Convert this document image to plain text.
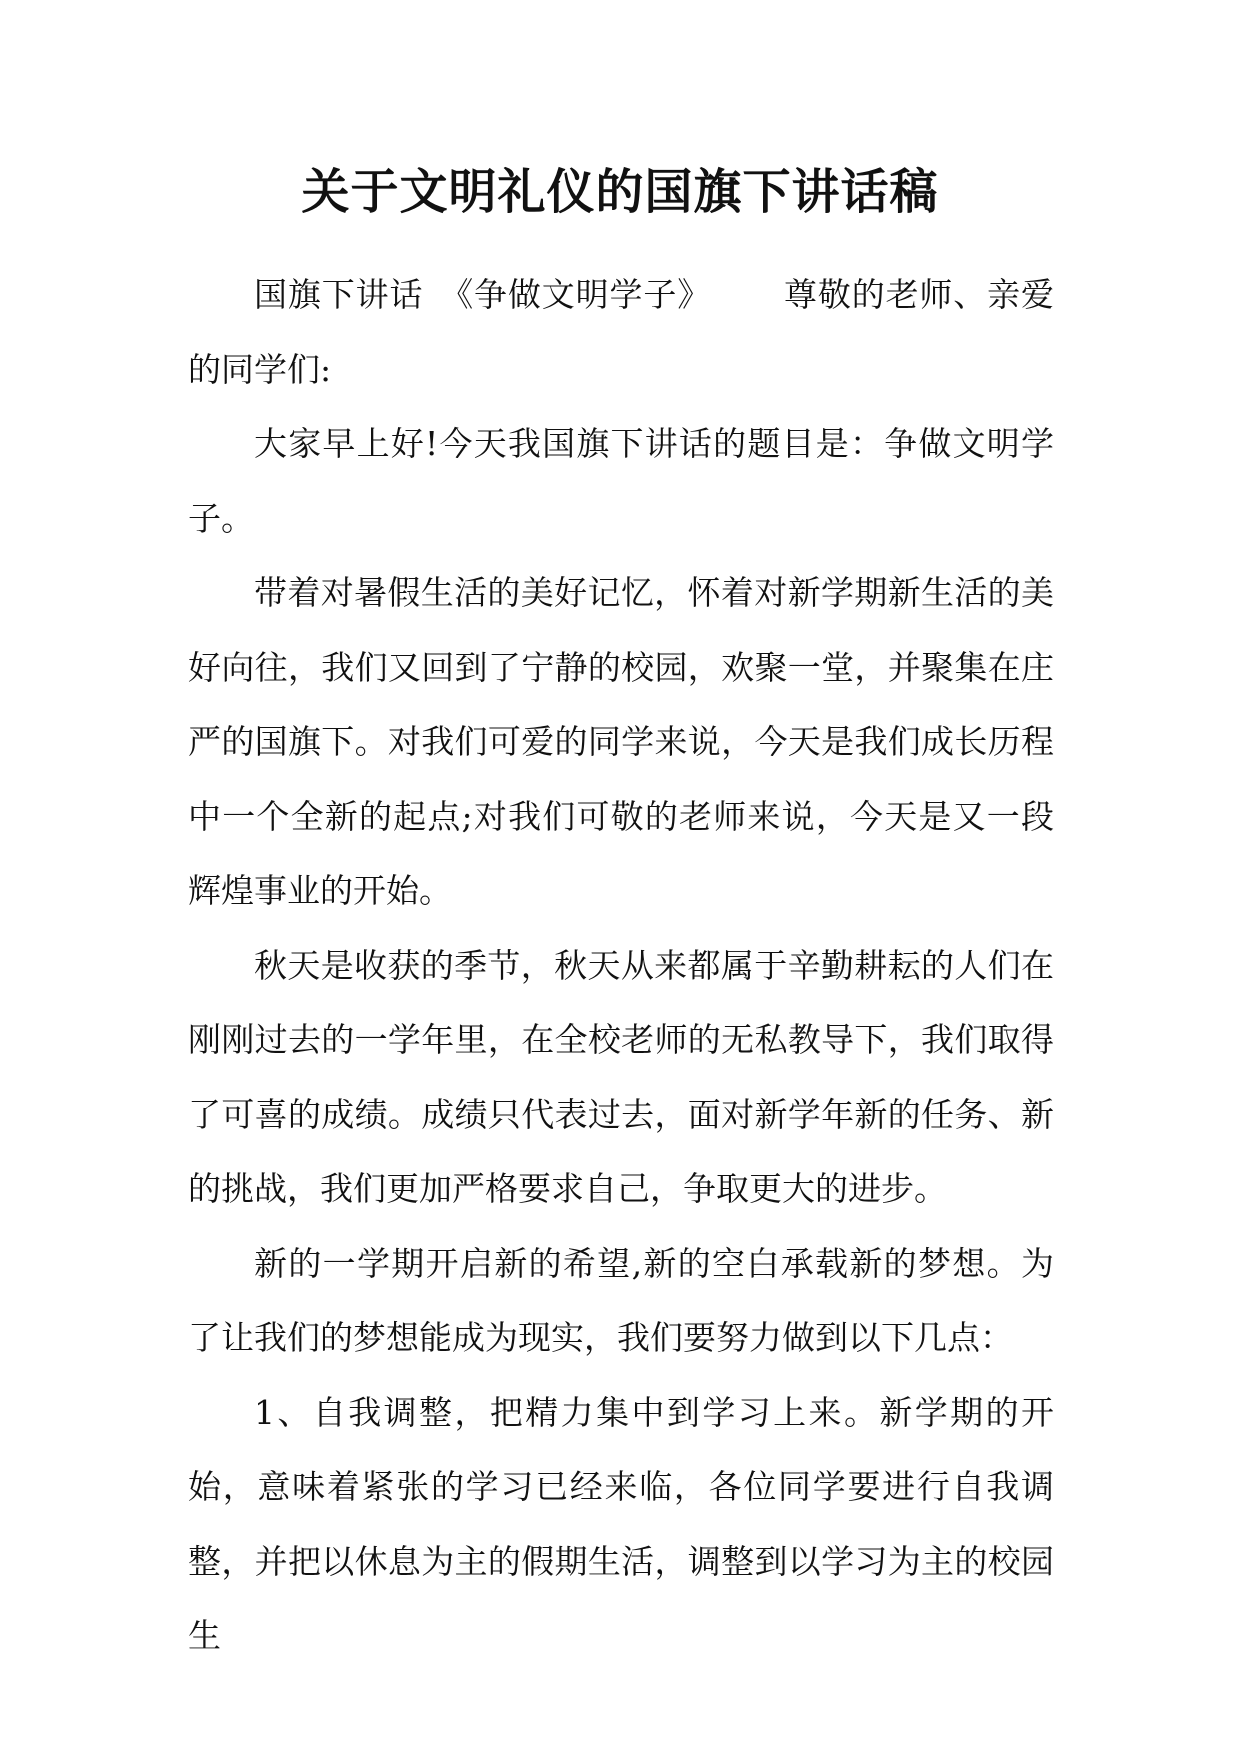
关于文明礼仪的国旗下讲话稿

国旗下讲话 《争做文明学子》 尊敬的老师、亲爱的同学们:

大家早上好!今天我国旗下讲话的题目是：争做文明学子。

带着对暑假生活的美好记忆，怀着对新学期新生活的美好向往，我们又回到了宁静的校园，欢聚一堂，并聚集在庄严的国旗下。对我们可爱的同学来说，今天是我们成长历程中一个全新的起点;对我们可敬的老师来说，今天是又一段辉煌事业的开始。

秋天是收获的季节，秋天从来都属于辛勤耕耘的人们在刚刚过去的一学年里，在全校老师的无私教导下，我们取得了可喜的成绩。成绩只代表过去，面对新学年新的任务、新的挑战，我们更加严格要求自己，争取更大的进步。

新的一学期开启新的希望,新的空白承载新的梦想。为了让我们的梦想能成为现实，我们要努力做到以下几点：

1、自我调整，把精力集中到学习上来。新学期的开始，意味着紧张的学习已经来临，各位同学要进行自我调整，并把以休息为主的假期生活，调整到以学习为主的校园生
